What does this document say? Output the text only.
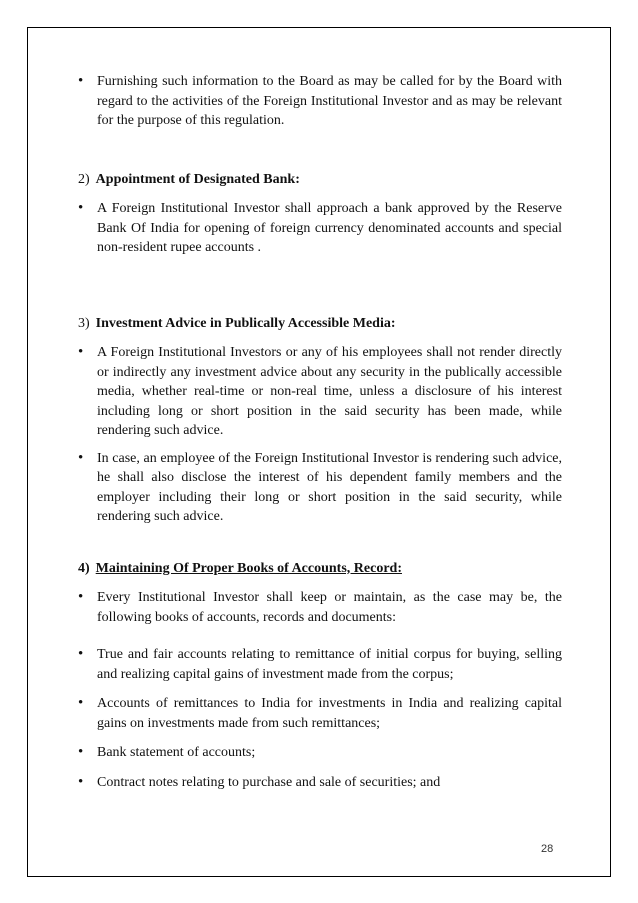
• Furnishing such information to the Board as may be called for by the Board with regard to the activities of the Foreign Institutional Investor and as may be relevant for the purpose of this regulation.
2) Appointment of Designated Bank:
• A Foreign Institutional Investor shall approach a bank approved by the Reserve Bank Of India for opening of foreign currency denominated accounts and special non-resident rupee accounts .
3) Investment Advice in Publically Accessible Media:
• A Foreign Institutional Investors or any of his employees shall not render directly or indirectly any investment advice about any security in the publically accessible media, whether real-time or non-real time, unless a disclosure of his interest including long or short position in the said security has been made, while rendering such advice.
• In case, an employee of the Foreign Institutional Investor is rendering such advice, he shall also disclose the interest of his dependent family members and the employer including their long or short position in the said security, while rendering such advice.
4) Maintaining Of Proper Books of Accounts, Record:
• Every Institutional Investor shall keep or maintain, as the case may be, the following books of accounts, records and documents:
• True and fair accounts relating to remittance of initial corpus for buying, selling and realizing capital gains of investment made from the corpus;
• Accounts of remittances to India for investments in India and realizing capital gains on investments made from such remittances;
• Bank statement of accounts;
• Contract notes relating to purchase and sale of securities; and
28
